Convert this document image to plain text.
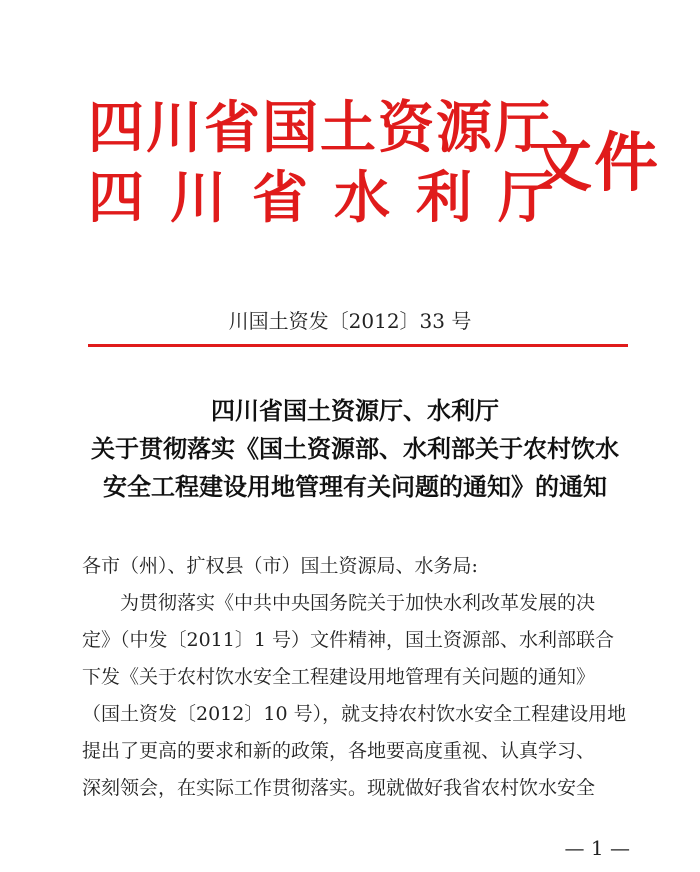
四川省国土资源厅
四川省水利厅
文件
川国土资发〔2012〕33 号
四川省国土资源厅、水利厅
关于贯彻落实《国土资源部、水利部关于农村饮水
安全工程建设用地管理有关问题的通知》的通知
各市（州）、扩权县（市）国土资源局、水务局:
为贯彻落实《中共中央国务院关于加快水利改革发展的决
定》（中发〔2011〕1 号）文件精神，国土资源部、水利部联合
下发《关于农村饮水安全工程建设用地管理有关问题的通知》
（国土资发〔2012〕10 号），就支持农村饮水安全工程建设用地
提出了更高的要求和新的政策，各地要高度重视、认真学习、
深刻领会，在实际工作贯彻落实。现就做好我省农村饮水安全
— 1 —
